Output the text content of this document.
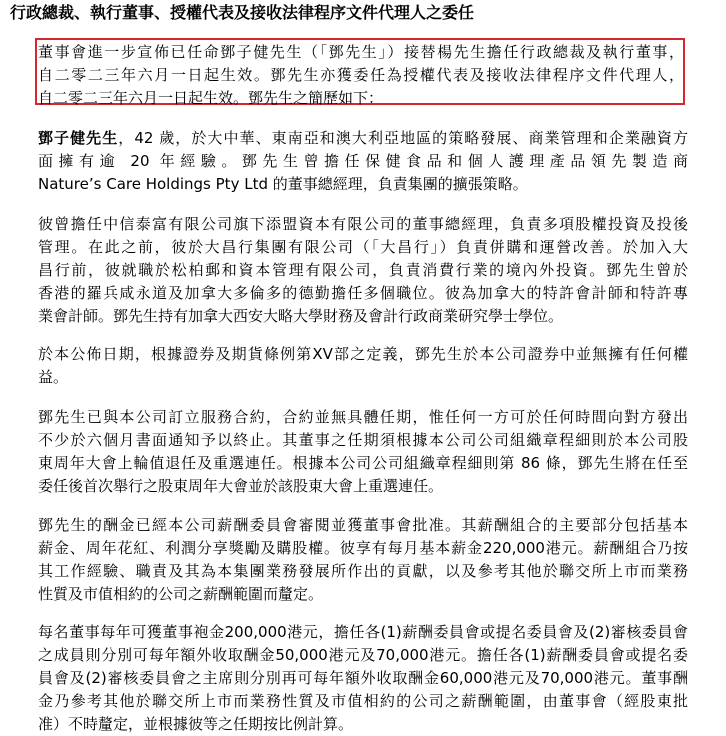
行政總裁、執行董事、授權代表及接收法律程序文件代理人之委任

董事會進一步宣佈已任命鄧子健先生（「鄧先生」）接替楊先生擔任行政總裁及執行董事，
自二零二三年六月一日起生效。鄧先生亦獲委任為授權代表及接收法律程序文件代理人，
自二零二三年六月一日起生效。鄧先生之簡歷如下：

鄧子健先生，42 歲，於大中華、東南亞和澳大利亞地區的策略發展、商業管理和企業融資方
面擁有逾 20 年經驗。鄧先生曾擔任保健食品和個人護理產品領先製造商
Nature’s Care Holdings Pty Ltd 的董事總經理，負責集團的擴張策略。

彼曾擔任中信泰富有限公司旗下添盟資本有限公司的董事總經理，負責多項股權投資及投後
管理。在此之前，彼於大昌行集團有限公司（「大昌行」）負責併購和運營改善。於加入大
昌行前，彼就職於松柏郵和資本管理有限公司，負責消費行業的境內外投資。鄧先生曾於
香港的羅兵咸永道及加拿大多倫多的德勤擔任多個職位。彼為加拿大的特許會計師和特許專
業會計師。鄧先生持有加拿大西安大略大學財務及會計行政商業研究學士學位。

於本公佈日期，根據證券及期貨條例第XV部之定義，鄧先生於本公司證券中並無擁有任何權
益。

鄧先生已與本公司訂立服務合約，合約並無具體任期，惟任何一方可於任何時間向對方發出
不少於六個月書面通知予以終止。其董事之任期須根據本公司公司組織章程細則於本公司股
東周年大會上輪值退任及重選連任。根據本公司公司組織章程細則第 86 條，鄧先生將在任至
委任後首次舉行之股東周年大會並於該股東大會上重選連任。

鄧先生的酬金已經本公司薪酬委員會審閱並獲董事會批准。其薪酬組合的主要部分包括基本
薪金、周年花紅、利潤分享獎勵及購股權。彼享有每月基本薪金220,000港元。薪酬組合乃按
其工作經驗、職責及其為本集團業務發展所作出的貢獻，以及參考其他於聯交所上市而業務
性質及市值相約的公司之薪酬範圍而釐定。

每名董事每年可獲董事袍金200,000港元，擔任各(1)薪酬委員會或提名委員會及(2)審核委員會
之成員則分別可每年額外收取酬金50,000港元及70,000港元。擔任各(1)薪酬委員會或提名委
員會及(2)審核委員會之主席則分別再可每年額外收取酬金60,000港元及70,000港元。董事酬
金乃參考其他於聯交所上市而業務性質及市值相約的公司之薪酬範圍，由董事會（經股東批
准）不時釐定，並根據彼等之任期按比例計算。
